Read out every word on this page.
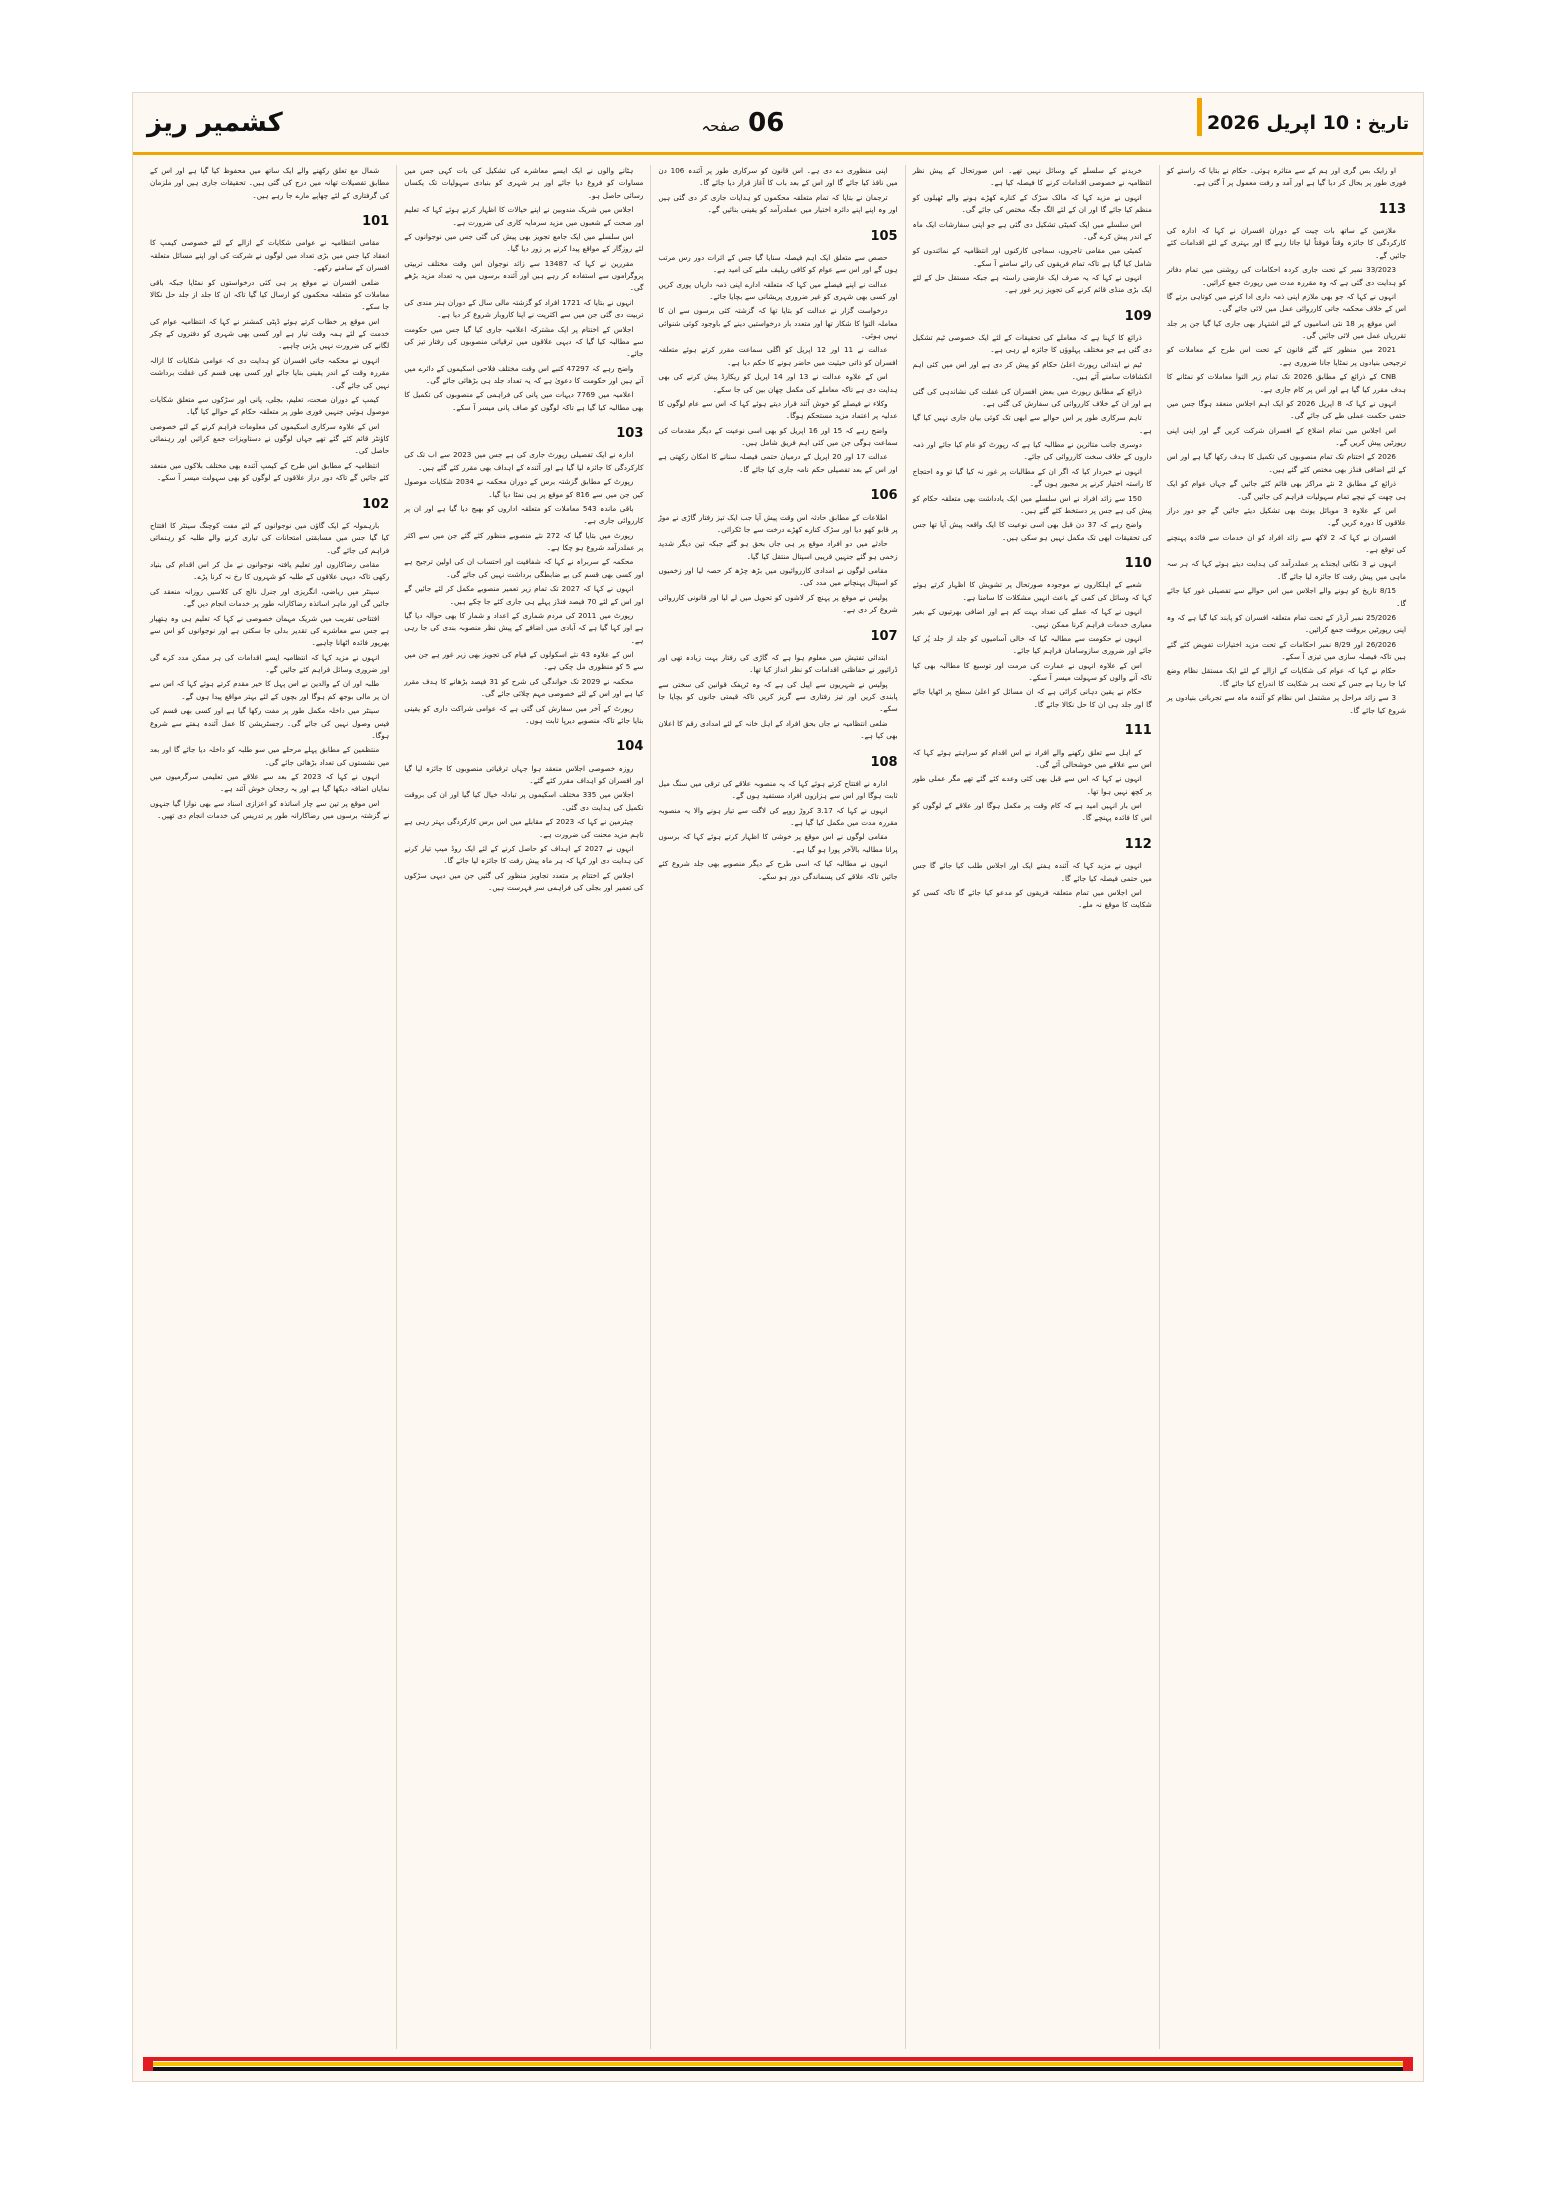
کشمیر ریز	صفحہ 06	تاریخ :
10 اپریل 2026
شمال مع تعلق رکھنے والے ایک ساتھ میں محفوظ کیا گیا ہے اور اس کے مطابق تفصیلات تھانہ میں درج کی گئی ہیں۔ تحقیقات جاری ہیں اور ملزمان کی گرفتاری کے لئے چھاپے مارے جا رہے ہیں۔
101
مقامی انتظامیہ نے عوامی شکایات کے ازالے کے لئے خصوصی کیمپ کا انعقاد کیا جس میں بڑی تعداد میں لوگوں نے شرکت کی اور اپنے مسائل متعلقہ افسران کے سامنے رکھے۔
ضلعی افسران نے موقع پر ہی کئی درخواستوں کو نمٹایا جبکہ باقی معاملات کو متعلقہ محکموں کو ارسال کیا گیا تاکہ ان کا جلد از جلد حل نکالا جا سکے۔
اس موقع پر خطاب کرتے ہوئے ڈپٹی کمشنر نے کہا کہ انتظامیہ عوام کی خدمت کے لئے ہمہ وقت تیار ہے اور کسی بھی شہری کو دفتروں کے چکر لگانے کی ضرورت نہیں پڑنی چاہیے۔
انہوں نے محکمہ جاتی افسران کو ہدایت دی کہ عوامی شکایات کا ازالہ مقررہ وقت کے اندر یقینی بنایا جائے اور کسی بھی قسم کی غفلت برداشت نہیں کی جائے گی۔
کیمپ کے دوران صحت، تعلیم، بجلی، پانی اور سڑکوں سے متعلق شکایات موصول ہوئیں جنہیں فوری طور پر متعلقہ حکام کے حوالے کیا گیا۔
اس کے علاوہ سرکاری اسکیموں کی معلومات فراہم کرنے کے لئے خصوصی کاؤنٹر قائم کئے گئے تھے جہاں لوگوں نے دستاویزات جمع کرائیں اور رہنمائی حاصل کی۔
انتظامیہ کے مطابق اس طرح کے کیمپ آئندہ بھی مختلف بلاکوں میں منعقد کئے جائیں گے تاکہ دور دراز علاقوں کے لوگوں کو بھی سہولت میسر آ سکے۔
102
بارہمولہ کے ایک گاؤں میں نوجوانوں کے لئے مفت کوچنگ سینٹر کا افتتاح کیا گیا جس میں مسابقتی امتحانات کی تیاری کرنے والے طلبہ کو رہنمائی فراہم کی جائے گی۔
مقامی رضاکاروں اور تعلیم یافتہ نوجوانوں نے مل کر اس اقدام کی بنیاد رکھی تاکہ دیہی علاقوں کے طلبہ کو شہروں کا رخ نہ کرنا پڑے۔
سینٹر میں ریاضی، انگریزی اور جنرل نالج کی کلاسیں روزانہ منعقد کی جائیں گی اور ماہر اساتذہ رضاکارانہ طور پر خدمات انجام دیں گے۔
افتتاحی تقریب میں شریک مہمان خصوصی نے کہا کہ تعلیم ہی وہ ہتھیار ہے جس سے معاشرے کی تقدیر بدلی جا سکتی ہے اور نوجوانوں کو اس سے بھرپور فائدہ اٹھانا چاہیے۔
انہوں نے مزید کہا کہ انتظامیہ ایسے اقدامات کی ہر ممکن مدد کرے گی اور ضروری وسائل فراہم کئے جائیں گے۔
طلبہ اور ان کے والدین نے اس پہل کا خیر مقدم کرتے ہوئے کہا کہ اس سے ان پر مالی بوجھ کم ہوگا اور بچوں کے لئے بہتر مواقع پیدا ہوں گے۔
سینٹر میں داخلہ مکمل طور پر مفت رکھا گیا ہے اور کسی بھی قسم کی فیس وصول نہیں کی جائے گی۔ رجسٹریشن کا عمل آئندہ ہفتے سے شروع ہوگا۔
منتظمین کے مطابق پہلے مرحلے میں سو طلبہ کو داخلہ دیا جائے گا اور بعد میں نشستوں کی تعداد بڑھائی جائے گی۔
انہوں نے کہا کہ 2023 کے بعد سے علاقے میں تعلیمی سرگرمیوں میں نمایاں اضافہ دیکھا گیا ہے اور یہ رجحان خوش آئند ہے۔
اس موقع پر تین سے چار اساتذہ کو اعزازی اسناد سے بھی نوازا گیا جنہوں نے گزشتہ برسوں میں رضاکارانہ طور پر تدریس کی خدمات انجام دی تھیں۔
ہٹانے والوں نے ایک ایسے معاشرے کی تشکیل کی بات کہی جس میں مساوات کو فروغ دیا جائے اور ہر شہری کو بنیادی سہولیات تک یکساں رسائی حاصل ہو۔
اجلاس میں شریک مندوبین نے اپنے خیالات کا اظہار کرتے ہوئے کہا کہ تعلیم اور صحت کے شعبوں میں مزید سرمایہ کاری کی ضرورت ہے۔
اس سلسلے میں ایک جامع تجویز بھی پیش کی گئی جس میں نوجوانوں کے لئے روزگار کے مواقع پیدا کرنے پر زور دیا گیا۔
مقررین نے کہا کہ 13487 سے زائد نوجوان اس وقت مختلف تربیتی پروگراموں سے استفادہ کر رہے ہیں اور آئندہ برسوں میں یہ تعداد مزید بڑھے گی۔
انہوں نے بتایا کہ 1721 افراد کو گزشتہ مالی سال کے دوران ہنر مندی کی تربیت دی گئی جن میں سے اکثریت نے اپنا کاروبار شروع کر دیا ہے۔
اجلاس کے اختتام پر ایک مشترکہ اعلامیہ جاری کیا گیا جس میں حکومت سے مطالبہ کیا گیا کہ دیہی علاقوں میں ترقیاتی منصوبوں کی رفتار تیز کی جائے۔
واضح رہے کہ 47297 کنبے اس وقت مختلف فلاحی اسکیموں کے دائرے میں آتے ہیں اور حکومت کا دعویٰ ہے کہ یہ تعداد جلد ہی بڑھائی جائے گی۔
اعلامیہ میں 7769 دیہات میں پانی کی فراہمی کے منصوبوں کی تکمیل کا بھی مطالبہ کیا گیا ہے تاکہ لوگوں کو صاف پانی میسر آ سکے۔
103
ادارہ نے ایک تفصیلی رپورٹ جاری کی ہے جس میں 2023 سے اب تک کی کارکردگی کا جائزہ لیا گیا ہے اور آئندہ کے اہداف بھی مقرر کئے گئے ہیں۔
رپورٹ کے مطابق گزشتہ برس کے دوران محکمہ نے 2034 شکایات موصول کیں جن میں سے 816 کو موقع پر ہی نمٹا دیا گیا۔
باقی ماندہ 543 معاملات کو متعلقہ اداروں کو بھیج دیا گیا ہے اور ان پر کارروائی جاری ہے۔
رپورٹ میں بتایا گیا کہ 272 نئے منصوبے منظور کئے گئے جن میں سے اکثر پر عملدرآمد شروع ہو چکا ہے۔
محکمہ کے سربراہ نے کہا کہ شفافیت اور احتساب ان کی اولین ترجیح ہے اور کسی بھی قسم کی بے ضابطگی برداشت نہیں کی جائے گی۔
انہوں نے کہا کہ 2027 تک تمام زیر تعمیر منصوبے مکمل کر لئے جائیں گے اور اس کے لئے 70 فیصد فنڈز پہلے ہی جاری کئے جا چکے ہیں۔
رپورٹ میں 2011 کی مردم شماری کے اعداد و شمار کا بھی حوالہ دیا گیا ہے اور کہا گیا ہے کہ آبادی میں اضافے کے پیش نظر منصوبہ بندی کی جا رہی ہے۔
اس کے علاوہ 43 نئے اسکولوں کے قیام کی تجویز بھی زیر غور ہے جن میں سے 5 کو منظوری مل چکی ہے۔
محکمہ نے 2029 تک خواندگی کی شرح کو 31 فیصد بڑھانے کا ہدف مقرر کیا ہے اور اس کے لئے خصوصی مہم چلائی جائے گی۔
رپورٹ کے آخر میں سفارش کی گئی ہے کہ عوامی شراکت داری کو یقینی بنایا جائے تاکہ منصوبے دیرپا ثابت ہوں۔
104
روزہ خصوصی اجلاس منعقد ہوا جہاں ترقیاتی منصوبوں کا جائزہ لیا گیا اور افسران کو اہداف مقرر کئے گئے۔
اجلاس میں 335 مختلف اسکیموں پر تبادلہ خیال کیا گیا اور ان کی بروقت تکمیل کی ہدایت دی گئی۔
چیئرمین نے کہا کہ 2023 کے مقابلے میں اس برس کارکردگی بہتر رہی ہے تاہم مزید محنت کی ضرورت ہے۔
انہوں نے 2027 کے اہداف کو حاصل کرنے کے لئے ایک روڈ میپ تیار کرنے کی ہدایت دی اور کہا کہ ہر ماہ پیش رفت کا جائزہ لیا جائے گا۔
اجلاس کے اختتام پر متعدد تجاویز منظور کی گئیں جن میں دیہی سڑکوں کی تعمیر اور بجلی کی فراہمی سر فہرست ہیں۔
اپنی منظوری دے دی ہے۔ اس قانون کو سرکاری طور پر آئندہ 106 دن میں نافذ کیا جائے گا اور اس کے بعد باب کا آغاز قرار دیا جائے گا۔
ترجمان نے بتایا کہ تمام متعلقہ محکموں کو ہدایات جاری کر دی گئی ہیں اور وہ اپنے اپنے دائرہ اختیار میں عملدرآمد کو یقینی بنائیں گے۔
105
حصص سے متعلق ایک اہم فیصلہ سنایا گیا جس کے اثرات دور رس مرتب ہوں گے اور اس سے عوام کو کافی ریلیف ملنے کی امید ہے۔
عدالت نے اپنے فیصلے میں کہا کہ متعلقہ ادارے اپنی ذمہ داریاں پوری کریں اور کسی بھی شہری کو غیر ضروری پریشانی سے بچایا جائے۔
درخواست گزار نے عدالت کو بتایا تھا کہ گزشتہ کئی برسوں سے ان کا معاملہ التوا کا شکار تھا اور متعدد بار درخواستیں دینے کے باوجود کوئی شنوائی نہیں ہوئی۔
عدالت نے 11 اور 12 اپریل کو اگلی سماعت مقرر کرتے ہوئے متعلقہ افسران کو ذاتی حیثیت میں حاضر ہونے کا حکم دیا ہے۔
اس کے علاوہ عدالت نے 13 اور 14 اپریل کو ریکارڈ پیش کرنے کی بھی ہدایت دی ہے تاکہ معاملے کی مکمل چھان بین کی جا سکے۔
وکلاء نے فیصلے کو خوش آئند قرار دیتے ہوئے کہا کہ اس سے عام لوگوں کا عدلیہ پر اعتماد مزید مستحکم ہوگا۔
واضح رہے کہ 15 اور 16 اپریل کو بھی اسی نوعیت کے دیگر مقدمات کی سماعت ہوگی جن میں کئی اہم فریق شامل ہیں۔
عدالت 17 اور 20 اپریل کے درمیان حتمی فیصلہ سنانے کا امکان رکھتی ہے اور اس کے بعد تفصیلی حکم نامہ جاری کیا جائے گا۔
106
اطلاعات کے مطابق حادثہ اس وقت پیش آیا جب ایک تیز رفتار گاڑی نے موڑ پر قابو کھو دیا اور سڑک کنارے کھڑے درخت سے جا ٹکرائی۔
حادثے میں دو افراد موقع پر ہی جاں بحق ہو گئے جبکہ تین دیگر شدید زخمی ہو گئے جنہیں قریبی اسپتال منتقل کیا گیا۔
مقامی لوگوں نے امدادی کارروائیوں میں بڑھ چڑھ کر حصہ لیا اور زخمیوں کو اسپتال پہنچانے میں مدد کی۔
پولیس نے موقع پر پہنچ کر لاشوں کو تحویل میں لے لیا اور قانونی کارروائی شروع کر دی ہے۔
107
ابتدائی تفتیش میں معلوم ہوا ہے کہ گاڑی کی رفتار بہت زیادہ تھی اور ڈرائیور نے حفاظتی اقدامات کو نظر انداز کیا تھا۔
پولیس نے شہریوں سے اپیل کی ہے کہ وہ ٹریفک قوانین کی سختی سے پابندی کریں اور تیز رفتاری سے گریز کریں تاکہ قیمتی جانوں کو بچایا جا سکے۔
ضلعی انتظامیہ نے جاں بحق افراد کے اہل خانہ کے لئے امدادی رقم کا اعلان بھی کیا ہے۔
108
ادارہ نے افتتاح کرتے ہوئے کہا کہ یہ منصوبہ علاقے کی ترقی میں سنگ میل ثابت ہوگا اور اس سے ہزاروں افراد مستفید ہوں گے۔
انہوں نے کہا کہ 3.17 کروڑ روپے کی لاگت سے تیار ہونے والا یہ منصوبہ مقررہ مدت میں مکمل کیا گیا ہے۔
مقامی لوگوں نے اس موقع پر خوشی کا اظہار کرتے ہوئے کہا کہ برسوں پرانا مطالبہ بالآخر پورا ہو گیا ہے۔
انہوں نے مطالبہ کیا کہ اسی طرح کے دیگر منصوبے بھی جلد شروع کئے جائیں تاکہ علاقے کی پسماندگی دور ہو سکے۔
خریدنے کے سلسلے کے وسائل نہیں تھے۔ اس صورتحال کے پیش نظر انتظامیہ نے خصوصی اقدامات کرنے کا فیصلہ کیا ہے۔
انہوں نے مزید کہا کہ مالک سڑک کے کنارے کھڑے ہونے والے ٹھیلوں کو منظم کیا جائے گا اور ان کے لئے الگ جگہ مختص کی جائے گی۔
اس سلسلے میں ایک کمیٹی تشکیل دی گئی ہے جو اپنی سفارشات ایک ماہ کے اندر پیش کرے گی۔
کمیٹی میں مقامی تاجروں، سماجی کارکنوں اور انتظامیہ کے نمائندوں کو شامل کیا گیا ہے تاکہ تمام فریقوں کی رائے سامنے آ سکے۔
انہوں نے کہا کہ یہ صرف ایک عارضی راستہ ہے جبکہ مستقل حل کے لئے ایک بڑی منڈی قائم کرنے کی تجویز زیر غور ہے۔
109
ذرائع کا کہنا ہے کہ معاملے کی تحقیقات کے لئے ایک خصوصی ٹیم تشکیل دی گئی ہے جو مختلف پہلوؤں کا جائزہ لے رہی ہے۔
ٹیم نے ابتدائی رپورٹ اعلیٰ حکام کو پیش کر دی ہے اور اس میں کئی اہم انکشافات سامنے آئے ہیں۔
ذرائع کے مطابق رپورٹ میں بعض افسران کی غفلت کی نشاندہی کی گئی ہے اور ان کے خلاف کارروائی کی سفارش کی گئی ہے۔
تاہم سرکاری طور پر اس حوالے سے ابھی تک کوئی بیان جاری نہیں کیا گیا ہے۔
دوسری جانب متاثرین نے مطالبہ کیا ہے کہ رپورٹ کو عام کیا جائے اور ذمہ داروں کے خلاف سخت کارروائی کی جائے۔
انہوں نے خبردار کیا کہ اگر ان کے مطالبات پر غور نہ کیا گیا تو وہ احتجاج کا راستہ اختیار کرنے پر مجبور ہوں گے۔
150 سے زائد افراد نے اس سلسلے میں ایک یادداشت بھی متعلقہ حکام کو پیش کی ہے جس پر دستخط کئے گئے ہیں۔
واضح رہے کہ 37 دن قبل بھی اسی نوعیت کا ایک واقعہ پیش آیا تھا جس کی تحقیقات ابھی تک مکمل نہیں ہو سکی ہیں۔
110
شعبے کے اہلکاروں نے موجودہ صورتحال پر تشویش کا اظہار کرتے ہوئے کہا کہ وسائل کی کمی کے باعث انہیں مشکلات کا سامنا ہے۔
انہوں نے کہا کہ عملے کی تعداد بہت کم ہے اور اضافی بھرتیوں کے بغیر معیاری خدمات فراہم کرنا ممکن نہیں۔
انہوں نے حکومت سے مطالبہ کیا کہ خالی آسامیوں کو جلد از جلد پُر کیا جائے اور ضروری سازوسامان فراہم کیا جائے۔
اس کے علاوہ انہوں نے عمارت کی مرمت اور توسیع کا مطالبہ بھی کیا تاکہ آنے والوں کو سہولت میسر آ سکے۔
حکام نے یقین دہانی کرائی ہے کہ ان مسائل کو اعلیٰ سطح پر اٹھایا جائے گا اور جلد ہی ان کا حل نکالا جائے گا۔
111
کے اہل سے تعلق رکھنے والے افراد نے اس اقدام کو سراہتے ہوئے کہا کہ اس سے علاقے میں خوشحالی آئے گی۔
انہوں نے کہا کہ اس سے قبل بھی کئی وعدے کئے گئے تھے مگر عملی طور پر کچھ نہیں ہوا تھا۔
اس بار انہیں امید ہے کہ کام وقت پر مکمل ہوگا اور علاقے کے لوگوں کو اس کا فائدہ پہنچے گا۔
112
انہوں نے مزید کہا کہ آئندہ ہفتے ایک اور اجلاس طلب کیا جائے گا جس میں حتمی فیصلہ کیا جائے گا۔
اس اجلاس میں تمام متعلقہ فریقوں کو مدعو کیا جائے گا تاکہ کسی کو شکایت کا موقع نہ ملے۔
او رایک بس گری اور ہم کے سے متاثرہ ہوئی۔ حکام نے بتایا کہ راستے کو فوری طور پر بحال کر دیا گیا ہے اور آمد و رفت معمول پر آ گئی ہے۔
113
ملازمین کے ساتھ بات چیت کے دوران افسران نے کہا کہ ادارہ کی کارکردگی کا جائزہ وقتاً فوقتاً لیا جاتا رہے گا اور بہتری کے لئے اقدامات کئے جائیں گے۔
33/2023 نمبر کے تحت جاری کردہ احکامات کی روشنی میں تمام دفاتر کو ہدایت دی گئی ہے کہ وہ مقررہ مدت میں رپورٹ جمع کرائیں۔
انہوں نے کہا کہ جو بھی ملازم اپنی ذمہ داری ادا کرنے میں کوتاہی برتے گا اس کے خلاف محکمہ جاتی کارروائی عمل میں لائی جائے گی۔
اس موقع پر 18 نئی اسامیوں کے لئے اشتہار بھی جاری کیا گیا جن پر جلد تقرریاں عمل میں لائی جائیں گی۔
2021 میں منظور کئے گئے قانون کے تحت اس طرح کے معاملات کو ترجیحی بنیادوں پر نمٹایا جانا ضروری ہے۔
CNB کے ذرائع کے مطابق 2026 تک تمام زیر التوا معاملات کو نمٹانے کا ہدف مقرر کیا گیا ہے اور اس پر کام جاری ہے۔
انہوں نے کہا کہ 8 اپریل 2026 کو ایک اہم اجلاس منعقد ہوگا جس میں حتمی حکمت عملی طے کی جائے گی۔
اس اجلاس میں تمام اضلاع کے افسران شرکت کریں گے اور اپنی اپنی رپورٹیں پیش کریں گے۔
2026 کے اختتام تک تمام منصوبوں کی تکمیل کا ہدف رکھا گیا ہے اور اس کے لئے اضافی فنڈز بھی مختص کئے گئے ہیں۔
ذرائع کے مطابق 2 نئے مراکز بھی قائم کئے جائیں گے جہاں عوام کو ایک ہی چھت کے نیچے تمام سہولیات فراہم کی جائیں گی۔
اس کے علاوہ 3 موبائل یونٹ بھی تشکیل دیئے جائیں گے جو دور دراز علاقوں کا دورہ کریں گے۔
افسران نے کہا کہ 2 لاکھ سے زائد افراد کو ان خدمات سے فائدہ پہنچنے کی توقع ہے۔
انہوں نے 3 نکاتی ایجنڈے پر عملدرآمد کی ہدایت دیتے ہوئے کہا کہ ہر سہ ماہی میں پیش رفت کا جائزہ لیا جائے گا۔
8/15 تاریخ کو ہونے والے اجلاس میں اس حوالے سے تفصیلی غور کیا جائے گا۔
25/2026 نمبر آرڈر کے تحت تمام متعلقہ افسران کو پابند کیا گیا ہے کہ وہ اپنی رپورٹیں بروقت جمع کرائیں۔
26/2026 اور 8/29 نمبر احکامات کے تحت مزید اختیارات تفویض کئے گئے ہیں تاکہ فیصلہ سازی میں تیزی آ سکے۔
حکام نے کہا کہ عوام کی شکایات کے ازالے کے لئے ایک مستقل نظام وضع کیا جا رہا ہے جس کے تحت ہر شکایت کا اندراج کیا جائے گا۔
3 سے زائد مراحل پر مشتمل اس نظام کو آئندہ ماہ سے تجرباتی بنیادوں پر شروع کیا جائے گا۔
